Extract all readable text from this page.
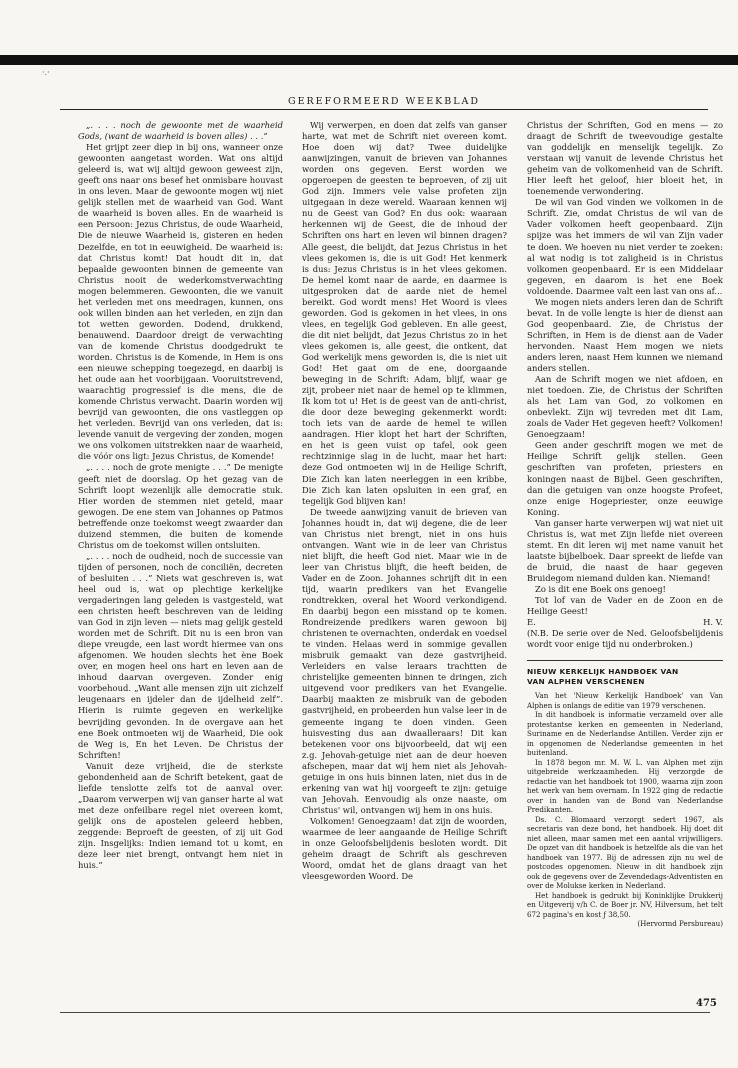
·.·
GEREFORMEERD WEEKBLAD

„. . . . noch de gewoonte met de waarheid Gods, (want de waarheid is boven alles) . . .”

Het grijpt zeer diep in bij ons, wanneer onze gewoonten aangetast worden. Wat ons altijd geleerd is, wat wij altijd gewoon geweest zijn, geeft ons naar ons besef het onmisbare houvast in ons leven. Maar de gewoonte mogen wij niet gelijk stellen met de waarheid van God. Want de waarheid is boven alles. En de waarheid is een Persoon: Jezus Christus, de oude Waarheid, Die de nieuwe Waarheid is, gisteren en heden Dezelfde, en tot in eeuwigheid. De waarheid is: dat Christus komt! Dat houdt dit in, dat bepaalde gewoonten binnen de gemeente van Christus nooit de wederkomstverwachting mogen belemmeren. Gewoonten, die we vanuit het verleden met ons meedragen, kunnen, ons ook willen binden aan het verleden, en zijn dan tot wetten geworden. Dodend, drukkend, benauwend. Daardoor dreigt de verwachting van de komende Christus doodgedrukt te worden. Christus is de Komende, in Hem is ons een nieuwe schepping toegezegd, en daarbij is het oude aan het voorbijgaan. Vooruitstrevend, waarachtig progressief is die mens, die de komende Christus verwacht. Daarin worden wij bevrijd van gewoonten, die ons vastleggen op het verleden. Bevrijd van ons verleden, dat is: levende vanuit de vergeving der zonden, mogen we ons volkomen uitstrekken naar de waarheid, die vóór ons ligt: Jezus Christus, de Komende!

„. . . . noch de grote menigte . . .” De menigte geeft niet de doorslag. Op het gezag van de Schrift loopt wezenlijk alle democratie stuk. Hier worden de stemmen niet geteld, maar gewogen. De ene stem van Johannes op Patmos betreffende onze toekomst weegt zwaarder dan duizend stemmen, die buiten de komende Christus om de toekomst willen ontsluiten.

„. . . . noch de oudheid, noch de successie van tijden of personen, noch de conciliën, decreten of besluiten . . .” Niets wat geschreven is, wat heel oud is, wat op plechtige kerkelijke vergaderingen lang geleden is vastgesteld, wat een christen heeft beschreven van de leiding van God in zijn leven — niets mag gelijk gesteld worden met de Schrift. Dit nu is een bron van diepe vreugde, een last wordt hiermee van ons afgenomen. We houden slechts het ène Boek over, en mogen heel ons hart en leven aan de inhoud daarvan overgeven. Zonder enig voorbehoud. „Want alle mensen zijn uit zichzelf leugenaars en ijdeler dan de ijdelheid zelf”. Hierin is ruimte gegeven en werkelijke bevrijding gevonden. In de overgave aan het ene Boek ontmoeten wij de Waarheid, Die ook de Weg is, En het Leven. De Christus der Schriften!

Vanuit deze vrijheid, die de sterkste gebondenheid aan de Schrift betekent, gaat de liefde tenslotte zelfs tot de aanval over. „Daarom verwerpen wij van ganser harte al wat met deze onfeilbare regel niet overeen komt, gelijk ons de apostelen geleerd hebben, zeggende: Beproeft de geesten, of zij uit God zijn. Insgelijks: Indien iemand tot u komt, en deze leer niet brengt, ontvangt hem niet in huis.”

Wij verwerpen, en doen dat zelfs van ganser harte, wat met de Schrift niet overeen komt. Hoe doen wij dat? Twee duidelijke aanwijzingen, vanuit de brieven van Johannes worden ons gegeven. Eerst worden we opgeroepen de geesten te beproeven, of zij uit God zijn. Immers vele valse profeten zijn uitgegaan in deze wereld. Waaraan kennen wij nu de Geest van God? En dus ook: waaraan herkennen wij de Geest, die de inhoud der Schriften ons hart en leven wil binnen dragen? Alle geest, die belijdt, dat Jezus Christus in het vlees gekomen is, die is uit God! Het kenmerk is dus: Jezus Christus is in het vlees gekomen. De hemel komt naar de aarde, en daarmee is uitgesproken dat de aarde niet de hemel bereikt. God wordt mens! Het Woord is vlees geworden. God is gekomen in het vlees, in ons vlees, en tegelijk God gebleven. En alle geest, die dit niet belijdt, dat Jezus Christus zo in het vlees gekomen is, alle geest, die ontkent, dat God werkelijk mens geworden is, die is niet uit God! Het gaat om de ene, doorgaande beweging in de Schrift: Adam, blijf, waar ge zijt, probeer niet naar de hemel op te klimmen, Ik kom tot u! Het is de geest van de anti-christ, die door deze beweging gekenmerkt wordt: toch iets van de aarde de hemel te willen aandragen. Hier klopt het hart der Schriften, en het is geen vuist op tafel, ook geen rechtzinnige slag in de lucht, maar het hart: deze God ontmoeten wij in de Heilige Schrift, Die Zich kan laten neerleggen in een kribbe, Die Zich kan laten opsluiten in een graf, en tegelijk God blijven kan!

De tweede aanwijzing vanuit de brieven van Johannes houdt in, dat wij degene, die de leer van Christus niet brengt, niet in ons huis ontvangen. Want wie in de leer van Christus niet blijft, die heeft God niet. Maar wie in de leer van Christus blijft, die heeft beiden, de Vader en de Zoon. Johannes schrijft dit in een tijd, waarin predikers van het Evangelie rondtrekken, overal het Woord verkondigend. En daarbij begon een misstand op te komen. Rondreizende predikers waren gewoon bij christenen te overnachten, onderdak en voedsel te vinden. Helaas werd in sommige gevallen misbruik gemaakt van deze gastvrijheid. Verleiders en valse leraars trachtten de christelijke gemeenten binnen te dringen, zich uitgevend voor predikers van het Evangelie. Daarbij maakten ze misbruik van de geboden gastvrijheid, en probeerden hun valse leer in de gemeente ingang te doen vinden. Geen huisvesting dus aan dwaalleraars! Dit kan betekenen voor ons bijvoorbeeld, dat wij een z.g. Jehovah-getuige niet aan de deur hoeven afschepen, maar dat wij hem niet als Jehovah-getuige in ons huis binnen laten, niet dus in de erkening van wat hij voorgeeft te zijn: getuige van Jehovah. Eenvoudig als onze naaste, om Christus' wil, ontvangen wij hem in ons huis.

Volkomen! Genoegzaam! dat zijn de woorden, waarmee de leer aangaande de Heilige Schrift in onze Geloofsbelijdenis besloten wordt. Dit geheim draagt de Schrift als geschreven Woord, omdat het de glans draagt van het vleesgeworden Woord. De

Christus der Schriften, God en mens — zo draagt de Schrift de tweevoudige gestalte van goddelijk en menselijk tegelijk. Zo verstaan wij vanuit de levende Christus het geheim van de volkomenheid van de Schrift. Hier leeft het geloof, hier bloeit het, in toenemende verwondering.

De wil van God vinden we volkomen in de Schrift. Zie, omdat Christus de wil van de Vader volkomen heeft geopenbaard. Zijn spijze was het immers de wil van Zijn vader te doen. We hoeven nu niet verder te zoeken: al wat nodig is tot zaligheid is in Christus volkomen geopenbaard. Er is een Middelaar gegeven, en daarom is het ene Boek voldoende. Daarmee valt een last van ons af...

We mogen niets anders leren dan de Schrift bevat. In de volle lengte is hier de dienst aan God geopenbaard. Zie, de Christus der Schriften, in Hem is de dienst aan de Vader hervonden. Naast Hem mogen we niets anders leren, naast Hem kunnen we niemand anders stellen.

Aan de Schrift mogen we niet afdoen, en niet toedoen. Zie, de Christus der Schriften als het Lam van God, zo volkomen en onbevlekt. Zijn wij tevreden met dit Lam, zoals de Vader Het gegeven heeft? Volkomen! Genoegzaam!

Geen ander geschrift mogen we met de Heilige Schrift gelijk stellen. Geen geschriften van profeten, priesters en koningen naast de Bijbel. Geen geschriften, dan die getuigen van onze hoogste Profeet, onze enige Hogepriester, onze eeuwige Koning.

Van ganser harte verwerpen wij wat niet uit Christus is, wat met Zijn liefde niet overeen stemt. En dit leren wij met name vanuit het laatste bijbelboek. Daar spreekt de liefde van de bruid, die naast de haar gegeven Bruidegom niemand dulden kan. Niemand!

Zo is dit ene Boek ons genoeg!

Tot lof van de Vader en de Zoon en de Heilige Geest!

E.	H. V.

(N.B. De serie over de Ned. Geloofsbelijdenis wordt voor enige tijd nu onderbroken.)

NIEUW KERKELIJK HANDBOEK VAN
VAN ALPHEN VERSCHENEN

Van het 'Nieuw Kerkelijk Handboek' van Van Alphen is onlangs de editie van 1979 verschenen.

In dit handboek is informatie verzameld over alle protestantse kerken en gemeenten in Nederland, Suriname en de Nederlandse Antillen. Verder zijn er in opgenomen de Nederlandse gemeenten in het buitenland.

In 1878 begon mr. M. W. L. van Alphen met zijn uitgebreide werkzaamheden. Hij verzorgde de redactie van het handboek tot 1900, waarna zijn zoon het werk van hem overnam. In 1922 ging de redactie over in handen van de Bond van Nederlandse Predikanten.

Ds. C. Blomaard verzorgt sedert 1967, als secretaris van deze bond, het handboek. Hij doet dit niet alleen, maar samen met een aantal vrijwilligers. De opzet van dit handboek is hetzelfde als die van het handboek van 1977. Bij de adressen zijn nu wel de postcodes opgenomen. Nieuw in dit handboek zijn ook de gegevens over de Zevendedags-Adventisten en over de Molukse kerken in Nederland.

Het handboek is gedrukt bij Koninklijke Drukkerij en Uitgeverij v/h C. de Boer jr. NV, Hilversum, het telt 672 pagina's en kost ƒ 38,50.

(Hervormd Persbureau)

475
